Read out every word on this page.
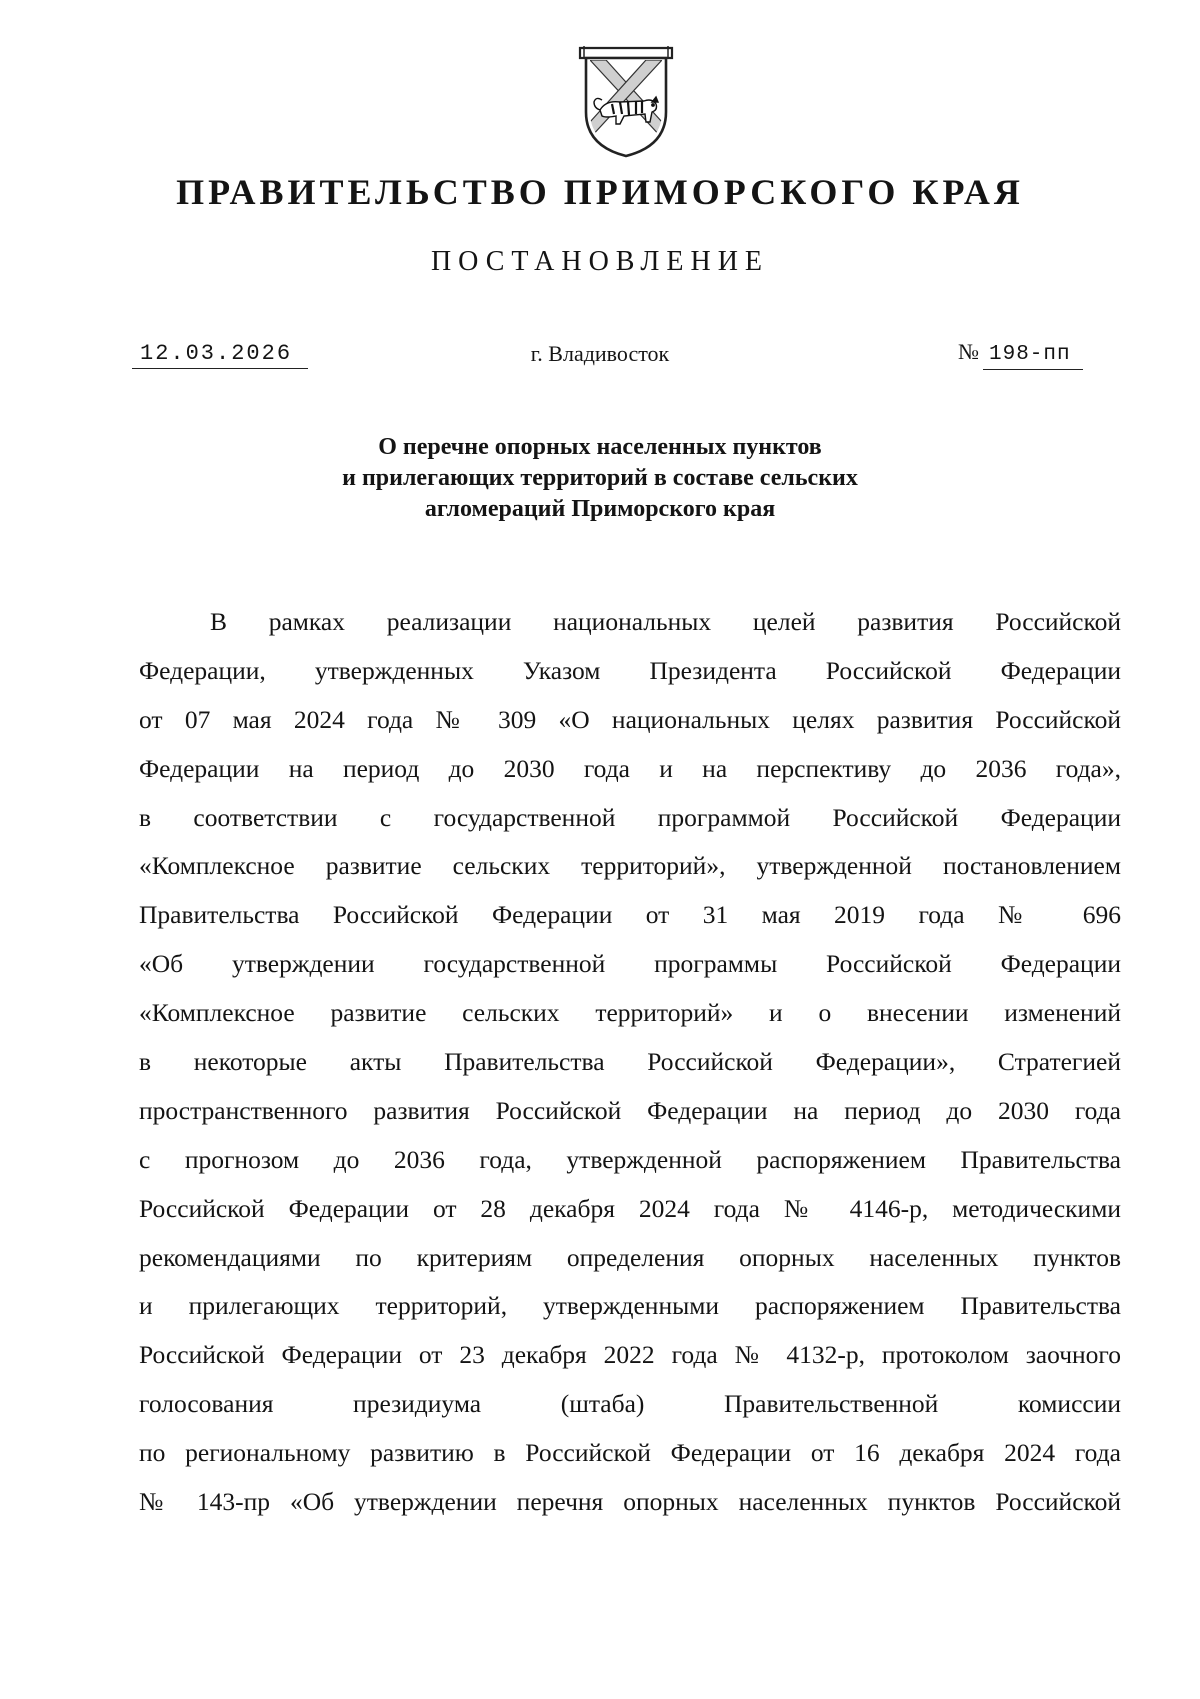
ПРАВИТЕЛЬСТВО ПРИМОРСКОГО КРАЯ
ПОСТАНОВЛЕНИЕ
12.03.2026	г. Владивосток	№ 198-пп
О перечне опорных населенных пунктов
и прилегающих территорий в составе сельских
агломераций Приморского края
В рамках реализации национальных целей развития Российской
Федерации, утвержденных Указом Президента Российской Федерации
от 07 мая 2024 года № 309 «О национальных целях развития Российской
Федерации на период до 2030 года и на перспективу до 2036 года»,
в соответствии с государственной программой Российской Федерации
«Комплексное развитие сельских территорий», утвержденной постановлением
Правительства Российской Федерации от 31 мая 2019 года № 696
«Об утверждении государственной программы Российской Федерации
«Комплексное развитие сельских территорий» и о внесении изменений
в некоторые акты Правительства Российской Федерации», Стратегией
пространственного развития Российской Федерации на период до 2030 года
с прогнозом до 2036 года, утвержденной распоряжением Правительства
Российской Федерации от 28 декабря 2024 года № 4146-р, методическими
рекомендациями по критериям определения опорных населенных пунктов
и прилегающих территорий, утвержденными распоряжением Правительства
Российской Федерации от 23 декабря 2022 года № 4132-р, протоколом заочного
голосования президиума (штаба) Правительственной комиссии
по региональному развитию в Российской Федерации от 16 декабря 2024 года
№ 143-пр «Об утверждении перечня опорных населенных пунктов Российской
